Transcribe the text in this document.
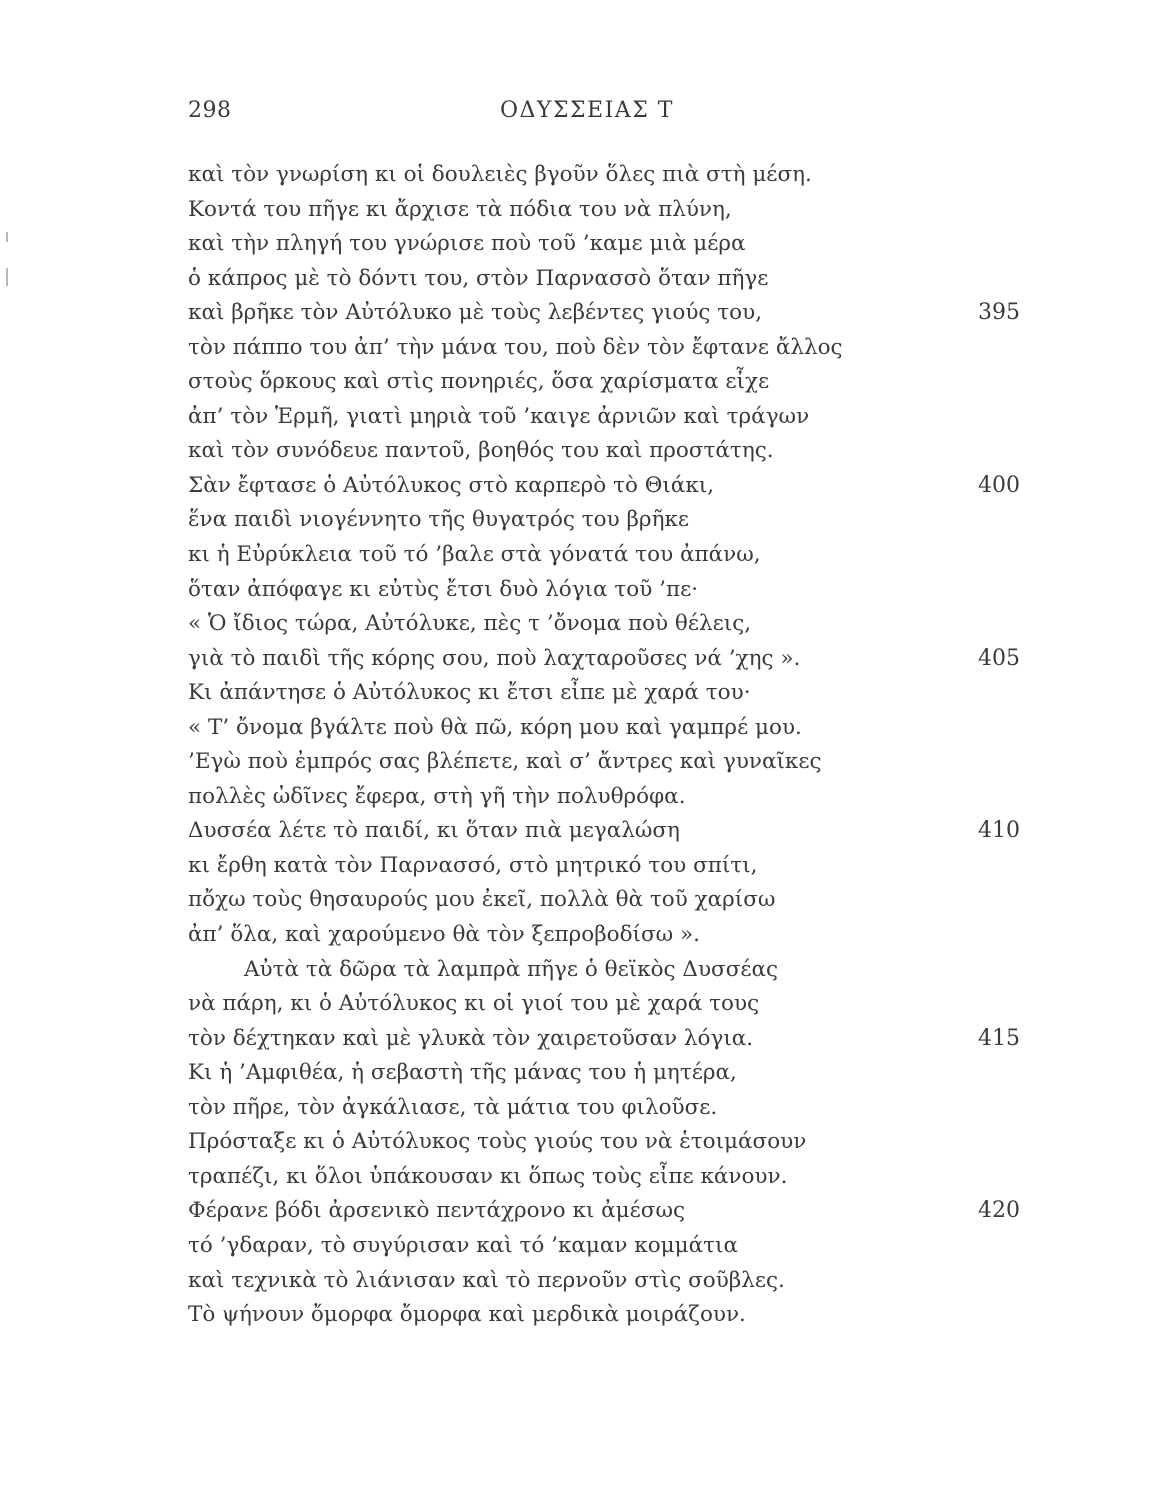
298	ΟΔΥΣΣΕΙΑΣ Τ
καὶ τὸν γνωρίση κι οἱ δουλειὲς βγοῦν ὅλες πιὰ στὴ μέση.
Κοντά του πῆγε κι ἄρχισε τὰ πόδια του νὰ πλύνη,
καὶ τὴν πληγή του γνώρισε ποὺ τοῦ ’καμε μιὰ μέρα
ὁ κάπρος μὲ τὸ δόντι του, στὸν Παρνασσὸ ὅταν πῆγε
καὶ βρῆκε τὸν Αὐτόλυκο μὲ τοὺς λεβέντες γιούς του,	395
τὸν πάππο του ἀπ’ τὴν μάνα του, ποὺ δὲν τὸν ἔφτανε ἄλλος
στοὺς ὅρκους καὶ στὶς πονηριές, ὅσα χαρίσματα εἶχε
ἀπ’ τὸν Ἑρμῆ, γιατὶ μηριὰ τοῦ ’καιγε ἀρνιῶν καὶ τράγων
καὶ τὸν συνόδευε παντοῦ, βοηθός του καὶ προστάτης.
Σὰν ἔφτασε ὁ Αὐτόλυκος στὸ καρπερὸ τὸ Θιάκι,	400
ἕνα παιδὶ νιογέννητο τῆς θυγατρός του βρῆκε
κι ἡ Εὐρύκλεια τοῦ τό ’βαλε στὰ γόνατά του ἀπάνω,
ὅταν ἀπόφαγε κι εὐτὺς ἔτσι δυὸ λόγια τοῦ ’πε·
« Ὁ ἴδιος τώρα, Αὐτόλυκε, πὲς τ ’ὄνομα ποὺ θέλεις,
γιὰ τὸ παιδὶ τῆς κόρης σου, ποὺ λαχταροῦσες νά ’χης ».	405
Κι ἀπάντησε ὁ Αὐτόλυκος κι ἔτσι εἶπε μὲ χαρά του·
« Τ’ ὄνομα βγάλτε ποὺ θὰ πῶ, κόρη μου καὶ γαμπρέ μου.
’Εγὼ ποὺ ἐμπρός σας βλέπετε, καὶ σ’ ἄντρες καὶ γυναῖκες
πολλὲς ὠδῖνες ἔφερα, στὴ γῆ τὴν πολυθρόφα.
Δυσσέα λέτε τὸ παιδί, κι ὅταν πιὰ μεγαλώση	410
κι ἔρθη κατὰ τὸν Παρνασσό, στὸ μητρικό του σπίτι,
πὄχω τοὺς θησαυρούς μου ἐκεῖ, πολλὰ θὰ τοῦ χαρίσω
ἀπ’ ὅλα, καὶ χαρούμενο θὰ τὸν ξεπροβοδίσω ».
Αὐτὰ τὰ δῶρα τὰ λαμπρὰ πῆγε ὁ θεϊκὸς Δυσσέας
νὰ πάρη, κι ὁ Αὐτόλυκος κι οἱ γιοί του μὲ χαρά τους
τὸν δέχτηκαν καὶ μὲ γλυκὰ τὸν χαιρετοῦσαν λόγια.	415
Κι ἡ ’Αμφιθέα, ἡ σεβαστὴ τῆς μάνας του ἡ μητέρα,
τὸν πῆρε, τὸν ἀγκάλιασε, τὰ μάτια του φιλοῦσε.
Πρόσταξε κι ὁ Αὐτόλυκος τοὺς γιούς του νὰ ἑτοιμάσουν
τραπέζι, κι ὅλοι ὑπάκουσαν κι ὅπως τοὺς εἶπε κάνουν.
Φέρανε βόδι ἀρσενικὸ πεντάχρονο κι ἀμέσως	420
τό ’γδαραν, τὸ συγύρισαν καὶ τό ’καμαν κομμάτια
καὶ τεχνικὰ τὸ λιάνισαν καὶ τὸ περνοῦν στὶς σοῦβλες.
Τὸ ψήνουν ὄμορφα ὄμορφα καὶ μερδικὰ μοιράζουν.
